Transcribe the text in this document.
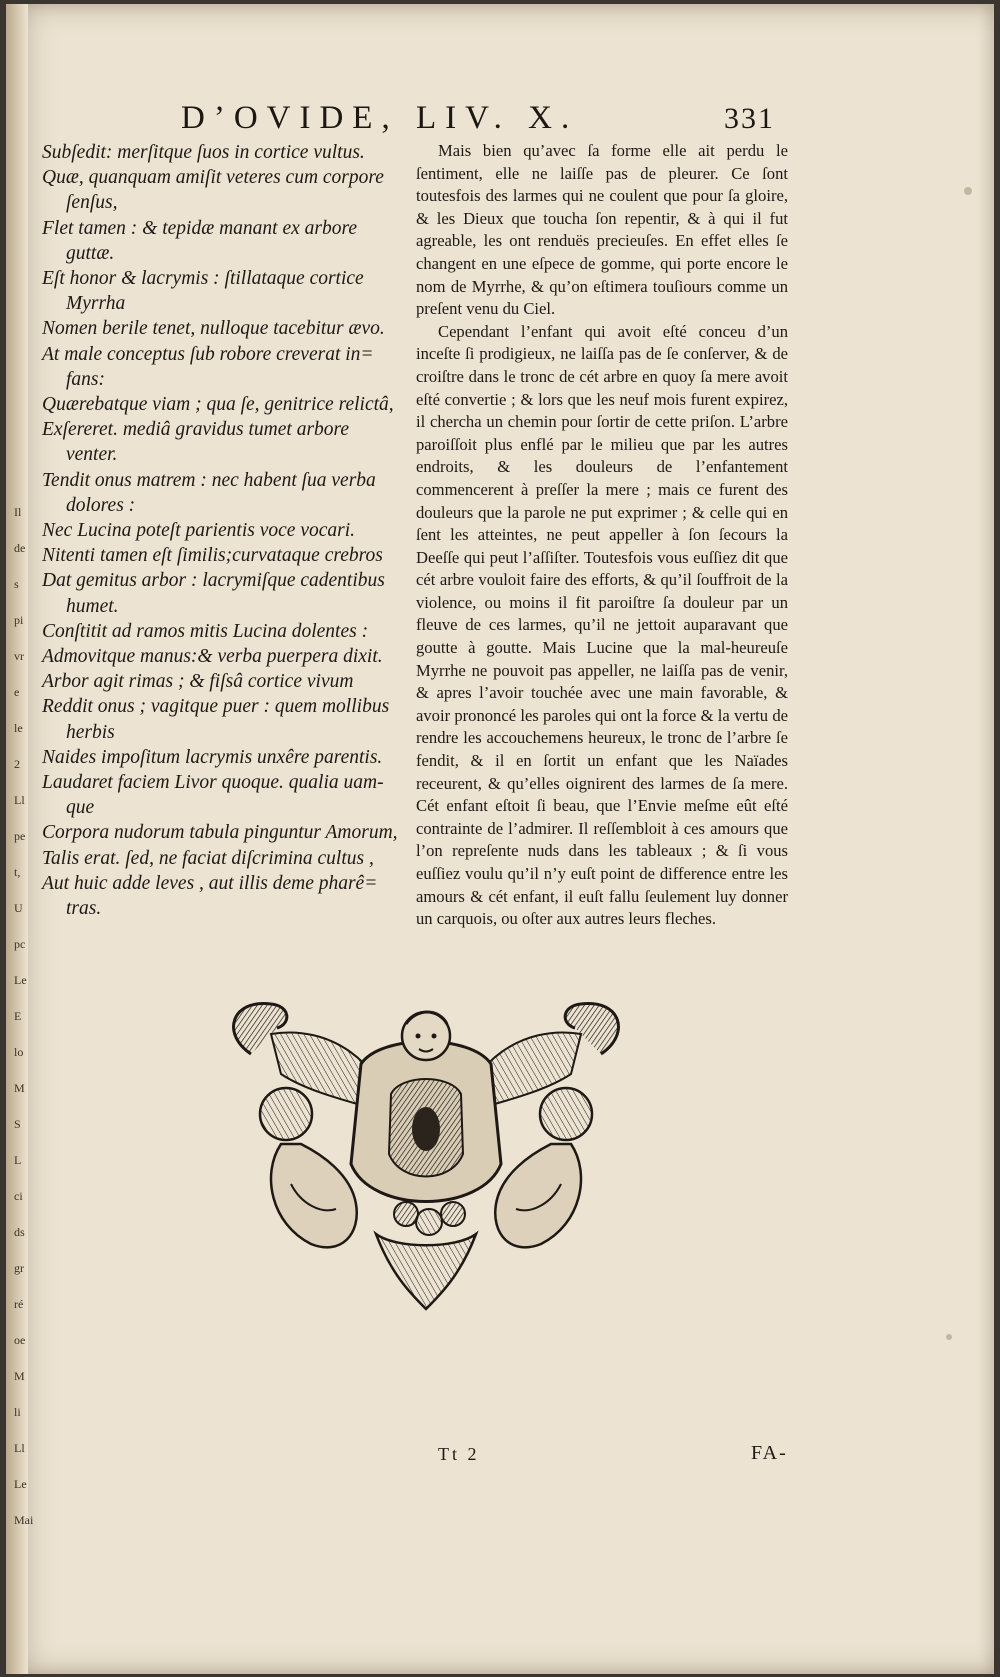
Il
de
s
pi
vr
e
le
2
Ll
pe
t,
U
pc
Le
E
lo
M
S
L
ci
ds
gr
ré
oe
M
li
Ll
Le
Mai
D’OVIDE, LIV. X.	331
Subſedit: merſitque ſuos in cortice vultus.
Quæ, quanquam amiſit veteres cum corpore
ſenſus,
Flet tamen : & tepidæ manant ex arbore
guttæ.
Eſt honor & lacrymis : ſtillataque cortice
Myrrha
Nomen berile tenet, nulloque tacebitur ævo.
At male conceptus ſub robore creverat in=
fans:
Quærebatque viam ; qua ſe, genitrice relictâ,
Exſereret. mediâ gravidus tumet arbore
venter.
Tendit onus matrem : nec habent ſua verba
dolores :
Nec Lucina poteſt parientis voce vocari.
Nitenti tamen eſt ſimilis;curvataque crebros
Dat gemitus arbor : lacrymiſque cadentibus
humet.
Conſtitit ad ramos mitis Lucina dolentes :
Admovitque manus:& verba puerpera dixit.
Arbor agit rimas ; & fiſsâ cortice vivum
Reddit onus ; vagitque puer : quem mollibus
herbis
Naides impoſitum lacrymis unxêre parentis.
Laudaret faciem Livor quoque. qualia uam-
que
Corpora nudorum tabula pinguntur Amorum,
Talis erat. ſed, ne faciat diſcrimina cultus ,
Aut huic adde leves , aut illis deme pharê=
tras.

Mais bien qu’avec ſa forme elle ait perdu le ſentiment, elle ne laiſſe pas de pleurer. Ce ſont toutesfois des larmes qui ne coulent que pour ſa gloire, & les Dieux que toucha ſon repentir, & à qui il fut agreable, les ont renduës precieuſes. En effet elles ſe changent en une eſpece de gomme, qui porte encore le nom de Myrrhe, & qu’on eſtimera touſiours comme un preſent venu du Ciel.

Cependant l’enfant qui avoit eſté conceu d’un inceſte ſi prodigieux, ne laiſſa pas de ſe conſerver, & de croiſtre dans le tronc de cét arbre en quoy ſa mere avoit eſté convertie ; & lors que les neuf mois furent expirez, il chercha un chemin pour ſortir de cette priſon. L’arbre paroiſſoit plus enflé par le milieu que par les autres endroits, & les douleurs de l’enfantement commencerent à preſſer la mere ; mais ce furent des douleurs que la parole ne put exprimer ; & celle qui en ſent les atteintes, ne peut appeller à ſon ſecours la Deeſſe qui peut l’aſſiſter. Toutesfois vous euſſiez dit que cét arbre vouloit faire des efforts, & qu’il ſouffroit de la violence, ou moins il fit paroiſtre ſa douleur par un fleuve de ces larmes, qu’il ne jettoit auparavant que goutte à goutte. Mais Lucine que la mal-heureuſe Myrrhe ne pouvoit pas appeller, ne laiſſa pas de venir, & apres l’avoir touchée avec une main favorable, & avoir prononcé les paroles qui ont la force & la vertu de rendre les accouchemens heureux, le tronc de l’arbre ſe fendit, & il en ſortit un enfant que les Naïades receurent, & qu’elles oignirent des larmes de ſa mere. Cét enfant eſtoit ſi beau, que l’Envie meſme eût eſté contrainte de l’admirer. Il reſſembloit à ces amours que l’on repreſente nuds dans les tableaux ; & ſi vous euſſiez voulu qu’il n’y euſt point de difference entre les amours & cét enfant, il euſt fallu ſeulement luy donner un carquois, ou oſter aux autres leurs fleches.

Tt 2	FA-
